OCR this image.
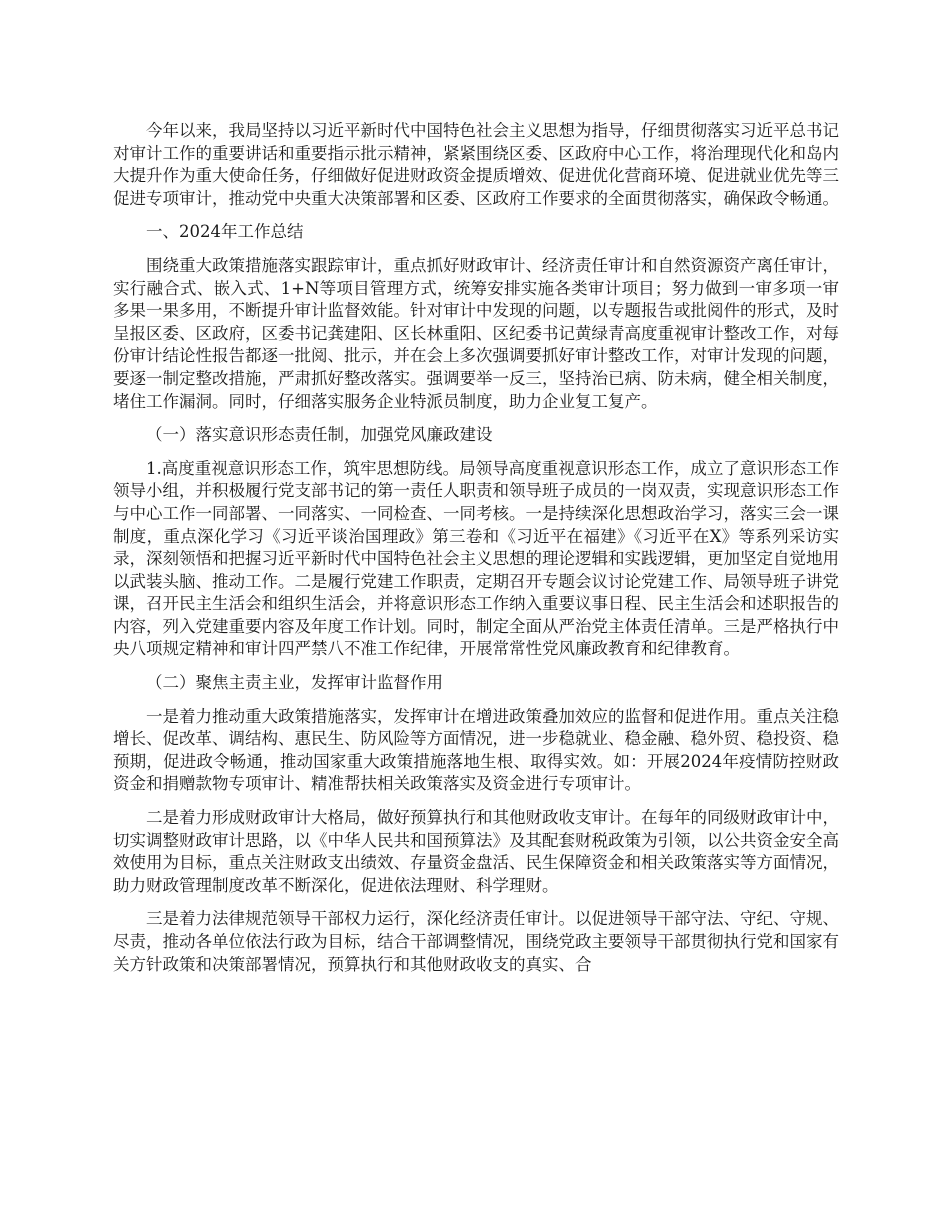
今年以来，我局坚持以习近平新时代中国特色社会主义思想为指导，仔细贯彻落实习近平总书记对审计工作的重要讲话和重要指示批示精神，紧紧围绕区委、区政府中心工作，将治理现代化和岛内大提升作为重大使命任务，仔细做好促进财政资金提质增效、促进优化营商环境、促进就业优先等三促进专项审计，推动党中央重大决策部署和区委、区政府工作要求的全面贯彻落实，确保政令畅通。

一、2024年工作总结

围绕重大政策措施落实跟踪审计，重点抓好财政审计、经济责任审计和自然资源资产离任审计，实行融合式、嵌入式、1+N等项目管理方式，统筹安排实施各类审计项目；努力做到一审多项一审多果一果多用，不断提升审计监督效能。针对审计中发现的问题，以专题报告或批阅件的形式，及时呈报区委、区政府，区委书记龚建阳、区长林重阳、区纪委书记黄绿青高度重视审计整改工作，对每份审计结论性报告都逐一批阅、批示，并在会上多次强调要抓好审计整改工作，对审计发现的问题，要逐一制定整改措施，严肃抓好整改落实。强调要举一反三，坚持治已病、防未病，健全相关制度，堵住工作漏洞。同时，仔细落实服务企业特派员制度，助力企业复工复产。

（一）落实意识形态责任制，加强党风廉政建设

1.高度重视意识形态工作，筑牢思想防线。局领导高度重视意识形态工作，成立了意识形态工作领导小组，并积极履行党支部书记的第一责任人职责和领导班子成员的一岗双责，实现意识形态工作与中心工作一同部署、一同落实、一同检查、一同考核。一是持续深化思想政治学习，落实三会一课制度，重点深化学习《习近平谈治国理政》第三卷和《习近平在福建》《习近平在X》等系列采访实录，深刻领悟和把握习近平新时代中国特色社会主义思想的理论逻辑和实践逻辑，更加坚定自觉地用以武装头脑、推动工作。二是履行党建工作职责，定期召开专题会议讨论党建工作、局领导班子讲党课，召开民主生活会和组织生活会，并将意识形态工作纳入重要议事日程、民主生活会和述职报告的内容，列入党建重要内容及年度工作计划。同时，制定全面从严治党主体责任清单。三是严格执行中央八项规定精神和审计四严禁八不准工作纪律，开展常常性党风廉政教育和纪律教育。

（二）聚焦主责主业，发挥审计监督作用

一是着力推动重大政策措施落实，发挥审计在增进政策叠加效应的监督和促进作用。重点关注稳增长、促改革、调结构、惠民生、防风险等方面情况，进一步稳就业、稳金融、稳外贸、稳投资、稳预期，促进政令畅通，推动国家重大政策措施落地生根、取得实效。如：开展2024年疫情防控财政资金和捐赠款物专项审计、精准帮扶相关政策落实及资金进行专项审计。

二是着力形成财政审计大格局，做好预算执行和其他财政收支审计。在每年的同级财政审计中，切实调整财政审计思路，以《中华人民共和国预算法》及其配套财税政策为引领，以公共资金安全高效使用为目标，重点关注财政支出绩效、存量资金盘活、民生保障资金和相关政策落实等方面情况，助力财政管理制度改革不断深化，促进依法理财、科学理财。

三是着力法律规范领导干部权力运行，深化经济责任审计。以促进领导干部守法、守纪、守规、尽责，推动各单位依法行政为目标，结合干部调整情况，围绕党政主要领导干部贯彻执行党和国家有关方针政策和决策部署情况，预算执行和其他财政收支的真实、合
